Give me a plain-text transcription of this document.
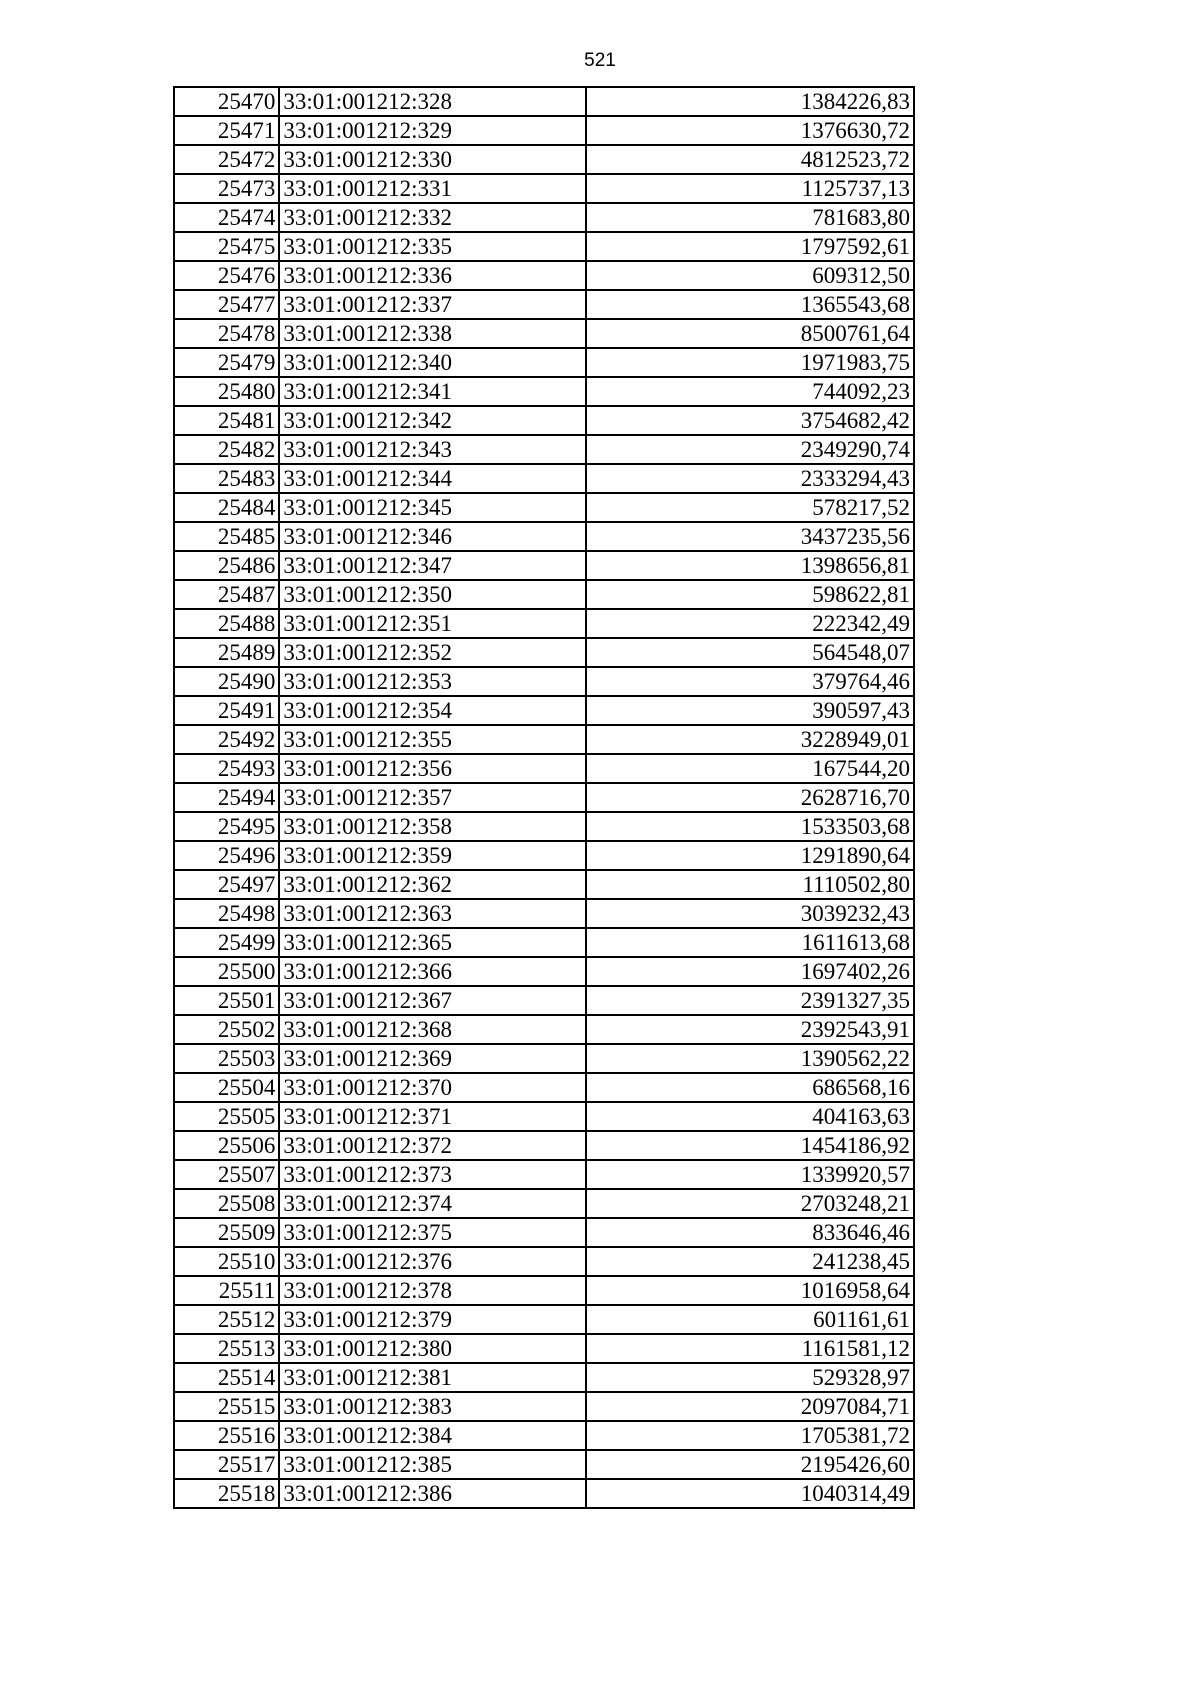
521
25470	33:01:001212:328	1384226,83
25471	33:01:001212:329	1376630,72
25472	33:01:001212:330	4812523,72
25473	33:01:001212:331	1125737,13
25474	33:01:001212:332	781683,80
25475	33:01:001212:335	1797592,61
25476	33:01:001212:336	609312,50
25477	33:01:001212:337	1365543,68
25478	33:01:001212:338	8500761,64
25479	33:01:001212:340	1971983,75
25480	33:01:001212:341	744092,23
25481	33:01:001212:342	3754682,42
25482	33:01:001212:343	2349290,74
25483	33:01:001212:344	2333294,43
25484	33:01:001212:345	578217,52
25485	33:01:001212:346	3437235,56
25486	33:01:001212:347	1398656,81
25487	33:01:001212:350	598622,81
25488	33:01:001212:351	222342,49
25489	33:01:001212:352	564548,07
25490	33:01:001212:353	379764,46
25491	33:01:001212:354	390597,43
25492	33:01:001212:355	3228949,01
25493	33:01:001212:356	167544,20
25494	33:01:001212:357	2628716,70
25495	33:01:001212:358	1533503,68
25496	33:01:001212:359	1291890,64
25497	33:01:001212:362	1110502,80
25498	33:01:001212:363	3039232,43
25499	33:01:001212:365	1611613,68
25500	33:01:001212:366	1697402,26
25501	33:01:001212:367	2391327,35
25502	33:01:001212:368	2392543,91
25503	33:01:001212:369	1390562,22
25504	33:01:001212:370	686568,16
25505	33:01:001212:371	404163,63
25506	33:01:001212:372	1454186,92
25507	33:01:001212:373	1339920,57
25508	33:01:001212:374	2703248,21
25509	33:01:001212:375	833646,46
25510	33:01:001212:376	241238,45
25511	33:01:001212:378	1016958,64
25512	33:01:001212:379	601161,61
25513	33:01:001212:380	1161581,12
25514	33:01:001212:381	529328,97
25515	33:01:001212:383	2097084,71
25516	33:01:001212:384	1705381,72
25517	33:01:001212:385	2195426,60
25518	33:01:001212:386	1040314,49
